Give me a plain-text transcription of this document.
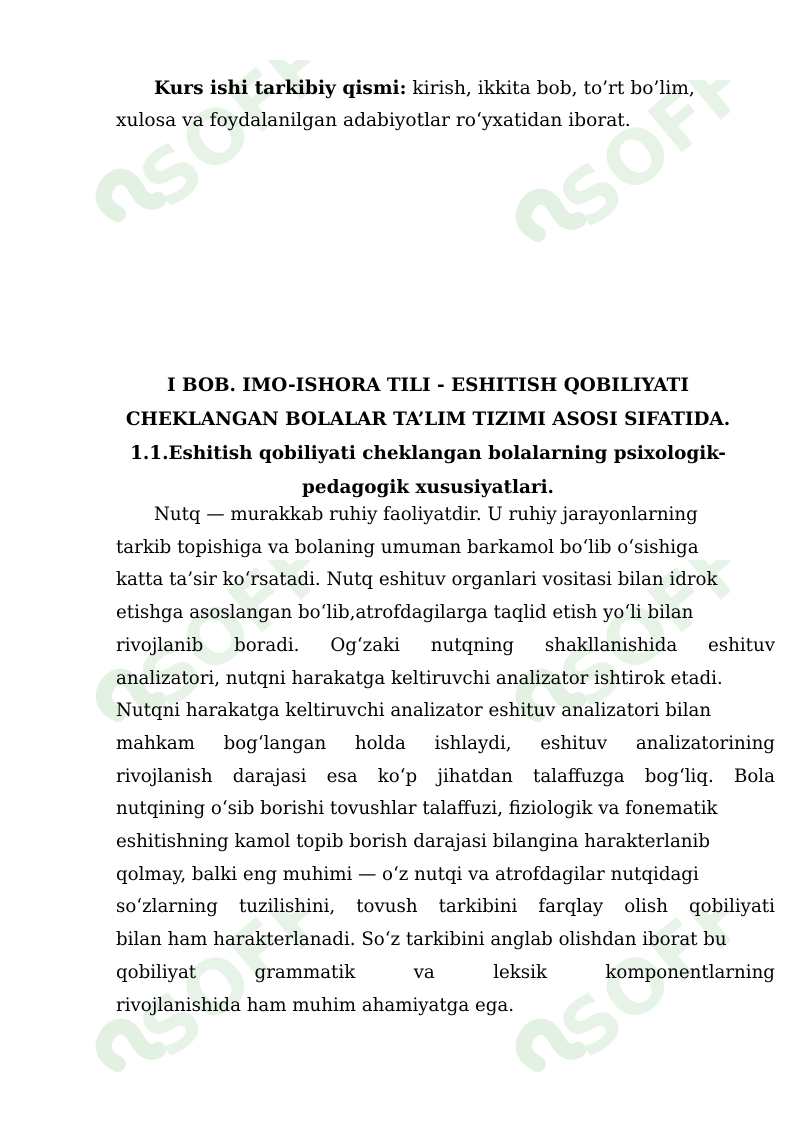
SOFF	SOFF
SOFF	SOFF
SOFF	SOFF
Kurs ishi tarkibiy qismi: kirish, ikkita bob, to’rt bo’lim,
xulosa va foydalanilgan adabiyotlar ro‘yxatidan iborat.
I BOB. IMO-ISHORA TILI - ESHITISH QOBILIYATI
CHEKLANGAN BOLALAR TA’LIM TIZIMI ASOSI SIFATIDA.
1.1.Eshitish qobiliyati cheklangan bolalarning psixologik-
pedagogik xususiyatlari.
Nutq — murakkab ruhiy faoliyatdir. U ruhiy jarayonlarning
tarkib topishiga va bolaning umuman barkamol bo‘lib o‘sishiga
katta ta’sir ko‘rsatadi. Nutq eshituv organlari vositasi bilan idrok
etishga asoslangan bo‘lib,atrofdagilarga taqlid etish yo‘li bilan
rivojlanib boradi. Og‘zaki nutqning shakllanishida eshituv
analizatori, nutqni harakatga keltiruvchi analizator ishtirok etadi.
Nutqni harakatga keltiruvchi analizator eshituv analizatori bilan
mahkam bog‘langan holda ishlaydi, eshituv analizatorining
rivojlanish darajasi esa ko‘p jihatdan talaffuzga bog‘liq. Bola
nutqining o‘sib borishi tovushlar talaffuzi, fiziologik va fonematik
eshitishning kamol topib borish darajasi bilangina harakterlanib
qolmay, balki eng muhimi — o‘z nutqi va atrofdagilar nutqidagi
so‘zlarning tuzilishini, tovush tarkibini farqlay olish qobiliyati
bilan ham harakterlanadi. So‘z tarkibini anglab olishdan iborat bu
qobiliyat	grammatik	va	leksik	komponentlarning
rivojlanishida ham muhim ahamiyatga ega.
